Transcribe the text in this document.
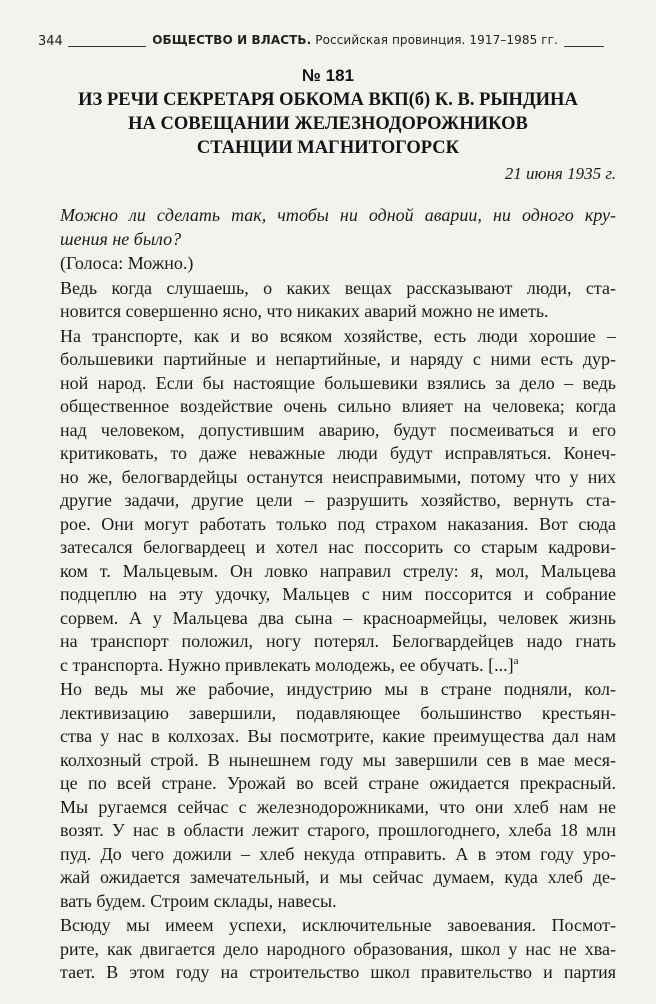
344	ОБЩЕСТВО И ВЛАСТЬ. Российская провинция. 1917–1985 гг.
№ 181
ИЗ РЕЧИ СЕКРЕТАРЯ ОБКОМА ВКП(б) К. В. РЫНДИНА
НА СОВЕЩАНИИ ЖЕЛЕЗНОДОРОЖНИКОВ
СТАНЦИИ МАГНИТОГОРСК
21 июня 1935 г.
Можно ли сделать так, чтобы ни одной аварии, ни одного кру-
шения не было?
(Голоса: Можно.)
Ведь когда слушаешь, о каких вещах рассказывают люди, ста-
новится совершенно ясно, что никаких аварий можно не иметь.
На транспорте, как и во всяком хозяйстве, есть люди хорошие –
большевики партийные и непартийные, и наряду с ними есть дур-
ной народ. Если бы настоящие большевики взялись за дело – ведь
общественное воздействие очень сильно влияет на человека; когда
над человеком, допустившим аварию, будут посмеиваться и его
критиковать, то даже неважные люди будут исправляться. Конеч-
но же, белогвардейцы останутся неисправимыми, потому что у них
другие задачи, другие цели – разрушить хозяйство, вернуть ста-
рое. Они могут работать только под страхом наказания. Вот сюда
затесался белогвардеец и хотел нас поссорить со старым кадрови-
ком т. Мальцевым. Он ловко направил стрелу: я, мол, Мальцева
подцеплю на эту удочку, Мальцев с ним поссорится и собрание
сорвем. А у Мальцева два сына – красноармейцы, человек жизнь
на транспорт положил, ногу потерял. Белогвардейцев надо гнать
с транспорта. Нужно привлекать молодежь, ее обучать. [...]$^а$
Но ведь мы же рабочие, индустрию мы в стране подняли, кол-
лективизацию завершили, подавляющее большинство крестьян-
ства у нас в колхозах. Вы посмотрите, какие преимущества дал нам
колхозный строй. В нынешнем году мы завершили сев в мае меся-
це по всей стране. Урожай во всей стране ожидается прекрасный.
Мы ругаемся сейчас с железнодорожниками, что они хлеб нам не
возят. У нас в области лежит старого, прошлогоднего, хлеба 18 млн
пуд. До чего дожили – хлеб некуда отправить. А в этом году уро-
жай ожидается замечательный, и мы сейчас думаем, куда хлеб де-
вать будем. Строим склады, навесы.
Всюду мы имеем успехи, исключительные завоевания. Посмот-
рите, как двигается дело народного образования, школ у нас не хва-
тает. В этом году на строительство школ правительство и партия
